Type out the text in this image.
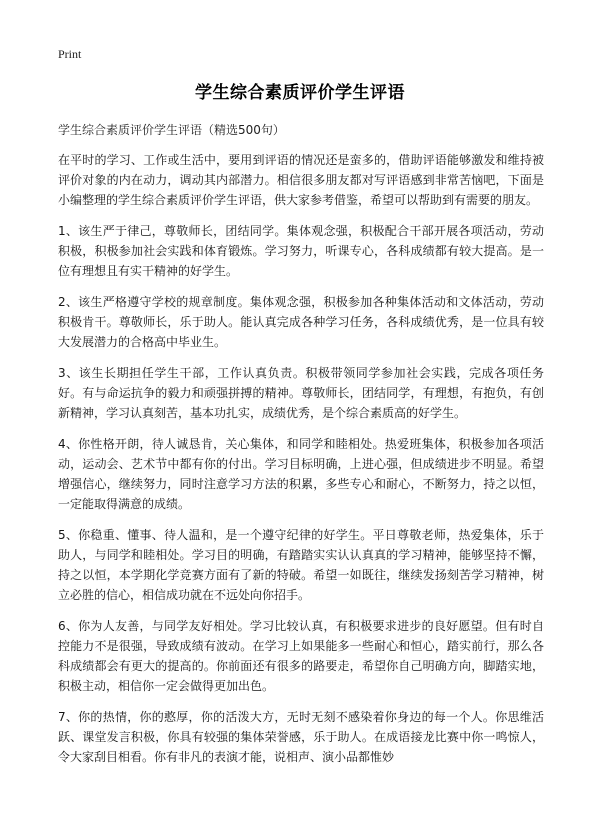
Print
学生综合素质评价学生评语
学生综合素质评价学生评语（精选500句）

在平时的学习、工作或生活中，要用到评语的情况还是蛮多的，借助评语能够激发和维持被评价对象的内在动力，调动其内部潜力。相信很多朋友都对写评语感到非常苦恼吧，下面是小编整理的学生综合素质评价学生评语，供大家参考借鉴，希望可以帮助到有需要的朋友。

1、该生严于律己，尊敬师长，团结同学。集体观念强，积极配合干部开展各项活动，劳动积极，积极参加社会实践和体育锻炼。学习努力，听课专心，各科成绩都有较大提高。是一位有理想且有实干精神的好学生。

2、该生严格遵守学校的规章制度。集体观念强，积极参加各种集体活动和文体活动，劳动积极肯干。尊敬师长，乐于助人。能认真完成各种学习任务，各科成绩优秀，是一位具有较大发展潜力的合格高中毕业生。

3、该生长期担任学生干部，工作认真负责。积极带领同学参加社会实践，完成各项任务好。有与命运抗争的毅力和顽强拼搏的精神。尊敬师长，团结同学，有理想，有抱负，有创新精神，学习认真刻苦，基本功扎实，成绩优秀，是个综合素质高的好学生。

4、你性格开朗，待人诚恳肯，关心集体，和同学和睦相处。热爱班集体，积极参加各项活动，运动会、艺术节中都有你的付出。学习目标明确，上进心强，但成绩进步不明显。希望增强信心，继续努力，同时注意学习方法的积累，多些专心和耐心，不断努力，持之以恒，一定能取得满意的成绩。

5、你稳重、懂事、待人温和，是一个遵守纪律的好学生。平日尊敬老师，热爱集体，乐于助人，与同学和睦相处。学习目的明确，有踏踏实实认认真真的学习精神，能够坚持不懈，持之以恒，本学期化学竞赛方面有了新的特破。希望一如既往，继续发扬刻苦学习精神，树立必胜的信心，相信成功就在不远处向你招手。

6、你为人友善，与同学友好相处。学习比较认真，有积极要求进步的良好愿望。但有时自控能力不是很强，导致成绩有波动。在学习上如果能多一些耐心和恒心，踏实前行，那么各科成绩都会有更大的提高的。你前面还有很多的路要走，希望你自己明确方向，脚踏实地，积极主动，相信你一定会做得更加出色。

7、你的热情，你的憨厚，你的活泼大方，无时无刻不感染着你身边的每一个人。你思维活跃、课堂发言积极，你具有较强的集体荣誉感，乐于助人。在成语接龙比赛中你一鸣惊人，令大家刮目相看。你有非凡的表演才能，说相声、演小品都惟妙
